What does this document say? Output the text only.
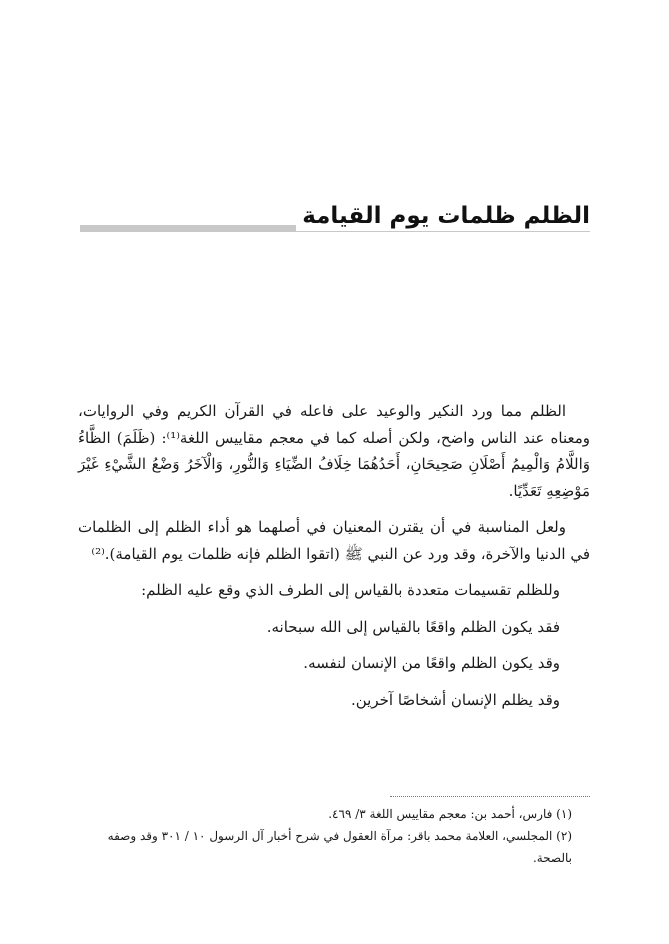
الظلم ظلمات يوم القيامة

الظلم مما ورد النكير والوعيد على فاعله في القرآن الكريم وفي الروايات، ومعناه عند الناس واضح، ولكن أصله كما في معجم مقاييس اللغة⁽¹⁾: (ظَلَمَ) الظَّاءُ وَاللَّامُ وَالْمِيمُ أَصْلَانِ صَحِيحَانِ، أَحَدُهُمَا خِلَافُ الضِّيَاءِ وَالنُّورِ، وَالْآخَرُ وَضْعُ الشَّيْءِ غَيْرَ مَوْضِعِهِ تَعَدِّيًا.

ولعل المناسبة في أن يقترن المعنيان في أصلهما هو أداء الظلم إلى الظلمات في الدنيا والآخرة، وقد ورد عن النبي ﷺ (اتقوا الظلم فإنه ظلمات يوم القيامة).⁽²⁾

وللظلم تقسيمات متعددة بالقياس إلى الطرف الذي وقع عليه الظلم:

فقد يكون الظلم واقعًا بالقياس إلى الله سبحانه.

وقد يكون الظلم واقعًا من الإنسان لنفسه.

وقد يظلم الإنسان أشخاصًا آخرين.

(١) فارس، أحمد بن: معجم مقاييس اللغة ٣/ ٤٦٩.

(٢) المجلسي، العلامة محمد باقر: مرآة العقول في شرح أخبار آل الرسول ١٠ / ٣٠١ وقد وصفه بالصحة.
